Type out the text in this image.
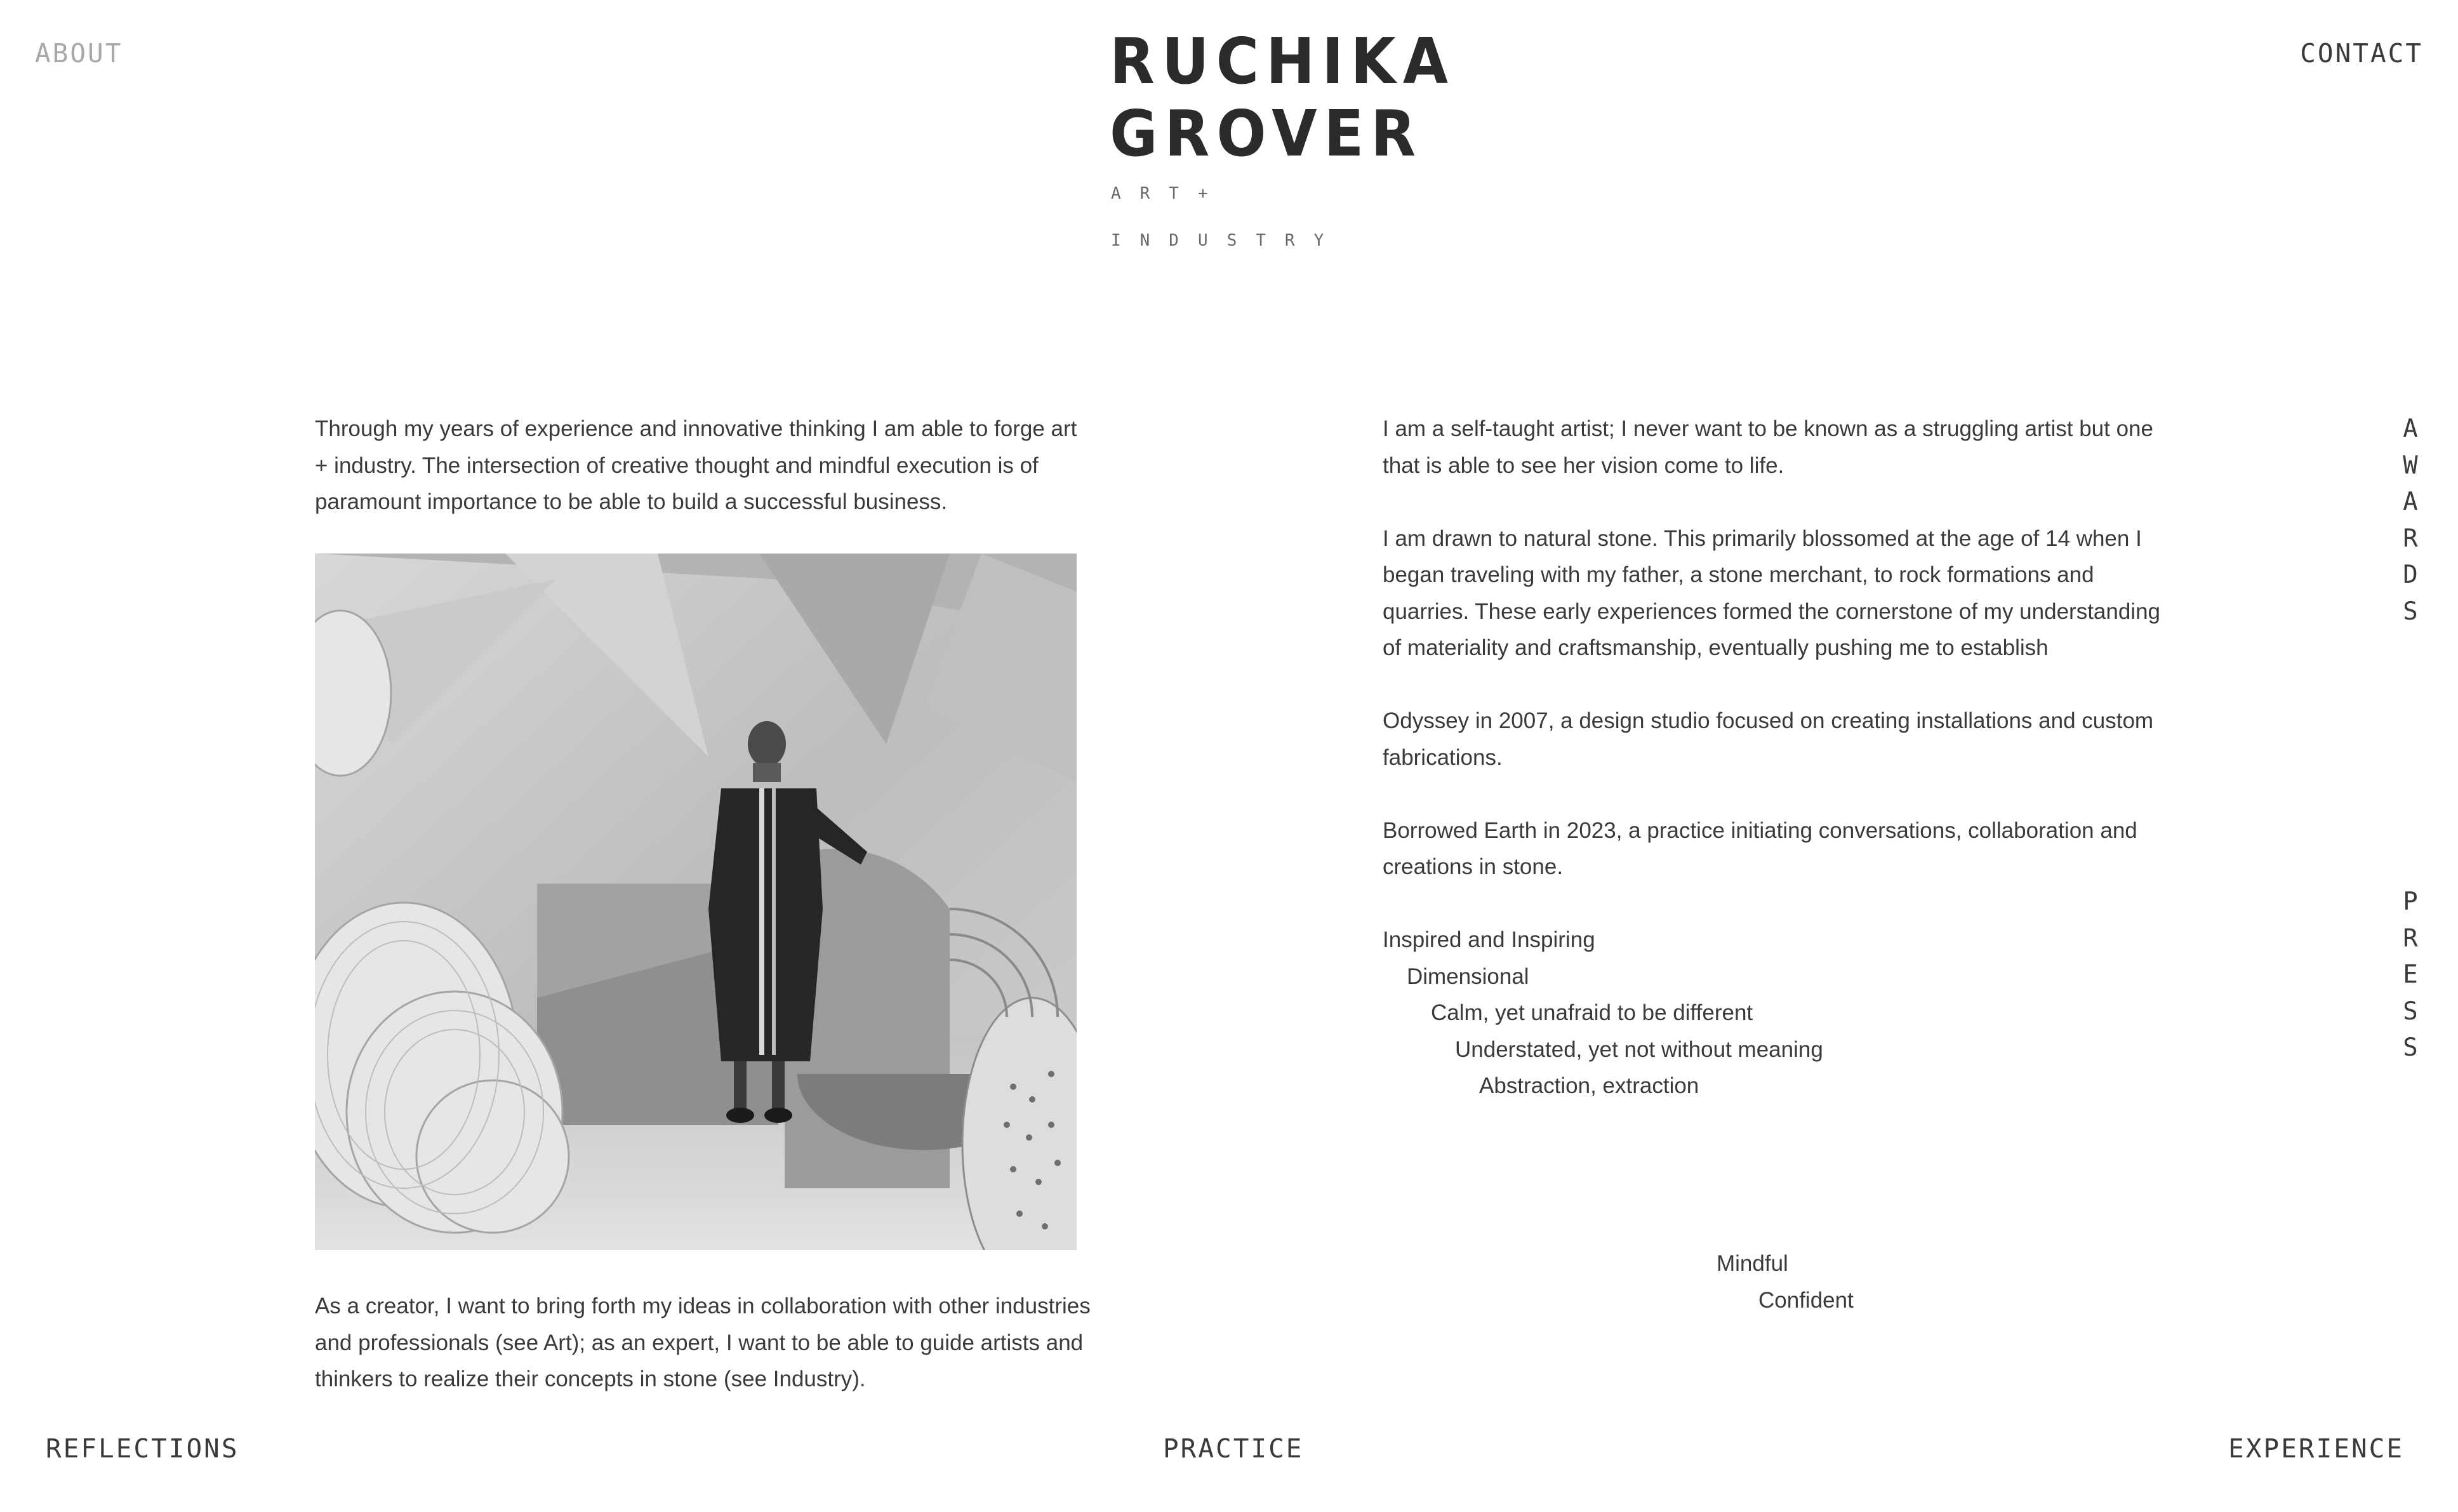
ABOUT	CONTACT
RUCHIKA
GROVER
ART+
INDUSTRY

Through my years of experience and innovative thinking I am able to forge art + industry. The intersection of creative thought and mindful execution is of paramount importance to be able to build a successful business.

As a creator, I want to bring forth my ideas in collaboration with other industries and professionals (see Art); as an expert, I want to be able to guide artists and thinkers to realize their concepts in stone (see Industry).

I am a self-taught artist; I never want to be known as a struggling artist but one that is able to see her vision come to life.

I am drawn to natural stone. This primarily blossomed at the age of 14 when I began traveling with my father, a stone merchant, to rock formations and quarries. These early experiences formed the cornerstone of my understanding of materiality and craftsmanship, eventually pushing me to establish

Odyssey in 2007, a design studio focused on creating installations and custom fabrications.

Borrowed Earth in 2023, a practice initiating conversations, collaboration and creations in stone.

Inspired and Inspiring
Dimensional
Calm, yet unafraid to be different
Understated, yet not without meaning
Abstraction, extraction
Mindful
Confident
A
W
A
R
D
S
P
R
E
S
S
REFLECTIONS	PRACTICE	EXPERIENCE
